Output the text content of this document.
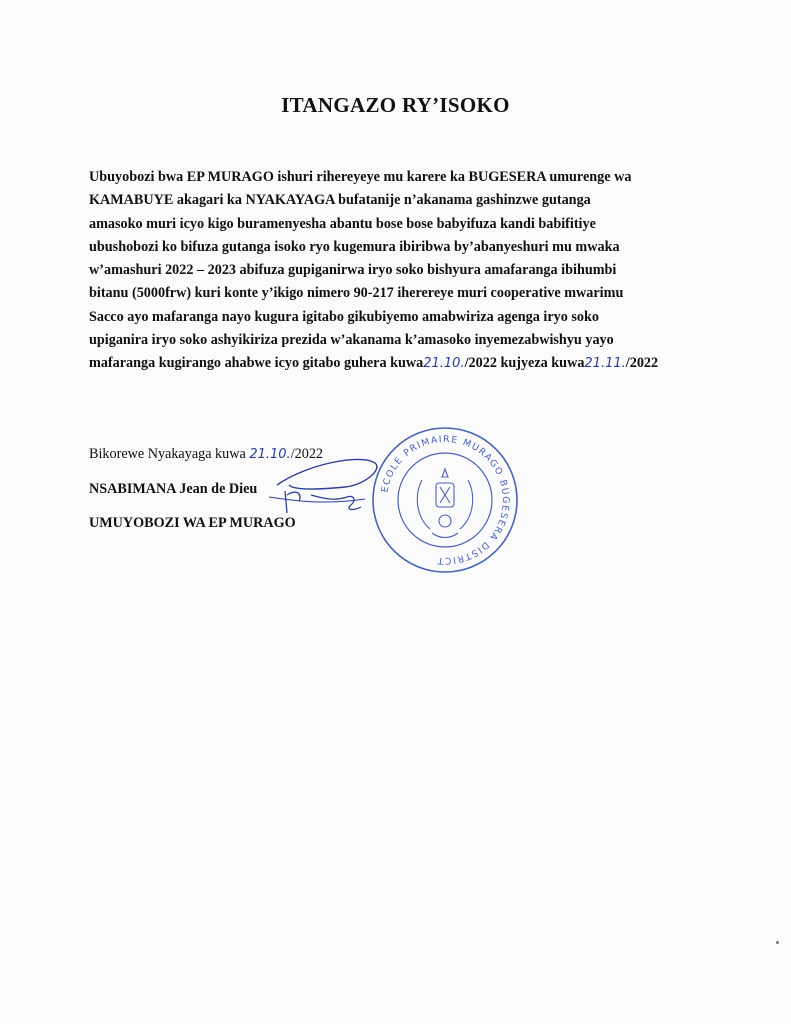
ITANGAZO RY’ISOKO
Ubuyobozi bwa EP MURAGO ishuri rihereyeye mu karere ka BUGESERA umurenge wa
KAMABUYE akagari ka NYAKAYAGA bufatanije n’akanama gashinzwe gutanga
amasoko muri icyo kigo buramenyesha abantu bose bose babyifuza kandi babifitiye
ubushobozi ko bifuza gutanga isoko ryo kugemura ibiribwa by’abanyeshuri mu mwaka
w’amashuri 2022 – 2023 abifuza gupiganirwa iryo soko bishyura amafaranga ibihumbi
bitanu (5000frw) kuri konte y’ikigo nimero 90-217 iherereye muri cooperative mwarimu
Sacco ayo mafaranga nayo kugura igitabo gikubiyemo amabwiriza agenga iryo soko
upiganira iryo soko ashyikiriza prezida w’akanama k’amasoko inyemezabwishyu yayo
mafaranga kugirango ahabwe icyo gitabo guhera kuwa21.10./2022 kujyeza kuwa21.11./2022
Bikorewe Nyakayaga kuwa 21.10./2022
NSABIMANA Jean de Dieu
UMUYOBOZI WA EP MURAGO
ECOLE PRIMAIRE MURAGO BUGESERA DISTRICT
